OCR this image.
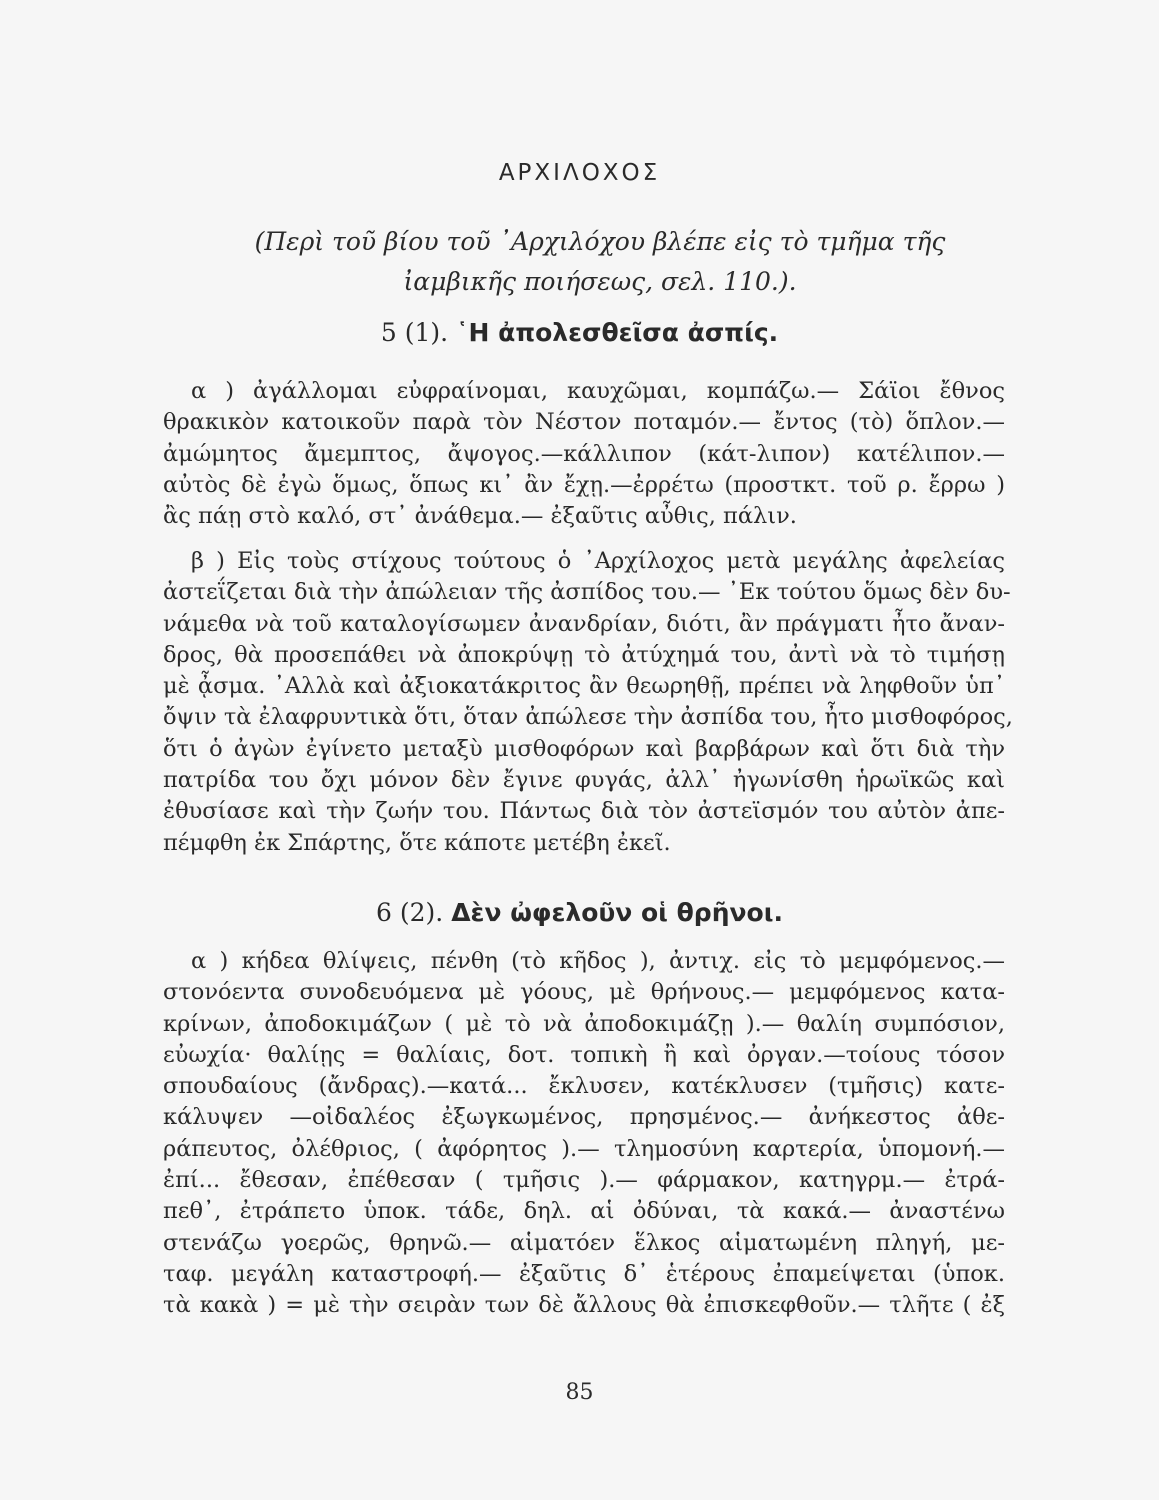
ΑΡΧΙΛΟΧΟΣ
(Περὶ τοῦ βίου τοῦ ᾿Αρχιλόχου βλέπε εἰς τὸ τμῆμα τῆς
ἰαμβικῆς ποιήσεως, σελ. 110.).
5 (1). ῾Η ἀπολεσθεῖσα ἀσπίς.
α ) ἀγάλλομαι εὐφραίνομαι, καυχῶμαι, κομπάζω.— Σάϊοι ἔθνος
θρακικὸν κατοικοῦν παρὰ τὸν Νέστον ποταμόν.— ἔντος (τὸ) ὅπλον.—
ἀμώμητος ἄμεμπτος, ἄψογος.—κάλλιπον (κάτ-λιπον) κατέλιπον.—
αὐτὸς δὲ ἐγὼ ὅμως, ὅπως κι᾿ ἂν ἔχῃ.—ἐρρέτω (προστκτ. τοῦ ρ. ἔρρω )
ἂς πάῃ στὸ καλό, στ᾿ ἀνάθεμα.— ἐξαῦτις αὖθις, πάλιν.
β ) Εἰς τοὺς στίχους τούτους ὁ ᾿Αρχίλοχος μετὰ μεγάλης ἀφελείας
ἀστεΐζεται διὰ τὴν ἀπώλειαν τῆς ἀσπίδος του.— ᾿Εκ τούτου ὅμως δὲν δυ-
νάμεθα νὰ τοῦ καταλογίσωμεν ἀνανδρίαν, διότι, ἂν πράγματι ἦτο ἄναν-
δρος, θὰ προσεπάθει νὰ ἀποκρύψῃ τὸ ἀτύχημά του, ἀντὶ νὰ τὸ τιμήσῃ
μὲ ᾆσμα. ᾿Αλλὰ καὶ ἀξιοκατάκριτος ἂν θεωρηθῇ, πρέπει νὰ ληφθοῦν ὑπ᾿
ὄψιν τὰ ἐλαφρυντικὰ ὅτι, ὅταν ἀπώλεσε τὴν ἀσπίδα του, ἦτο μισθοφόρος,
ὅτι ὁ ἀγὼν ἐγίνετο μεταξὺ μισθοφόρων καὶ βαρβάρων καὶ ὅτι διὰ τὴν
πατρίδα του ὄχι μόνον δὲν ἔγινε φυγάς, ἀλλ᾿ ἠγωνίσθη ἡρωϊκῶς καὶ
ἐθυσίασε καὶ τὴν ζωήν του. Πάντως διὰ τὸν ἀστεϊσμόν του αὐτὸν ἀπε-
πέμφθη ἐκ Σπάρτης, ὅτε κάποτε μετέβη ἐκεῖ.
6 (2). Δὲν ὠφελοῦν οἱ θρῆνοι.
α ) κήδεα θλίψεις, πένθη (τὸ κῆδος ), ἀντιχ. εἰς τὸ μεμφόμενος.—
στονόεντα συνοδευόμενα μὲ γόους, μὲ θρήνους.— μεμφόμενος κατα-
κρίνων, ἀποδοκιμάζων ( μὲ τὸ νὰ ἀποδοκιμάζῃ ).— θαλίη συμπόσιον,
εὐωχία· θαλίῃς = θαλίαις, δοτ. τοπικὴ ἢ καὶ ὀργαν.—τοίους τόσον
σπουδαίους (ἄνδρας).—κατά... ἔκλυσεν, κατέκλυσεν (τμῆσις) κατε-
κάλυψεν —οἰδαλέος ἐξωγκωμένος, πρησμένος.— ἀνήκεστος ἀθε-
ράπευτος, ὀλέθριος, ( ἀφόρητος ).— τλημοσύνη καρτερία, ὑπομονή.—
ἐπί... ἔθεσαν, ἐπέθεσαν ( τμῆσις ).— φάρμακον, κατηγρμ.— ἐτρά-
πεθ᾿, ἐτράπετο ὑποκ. τάδε, δηλ. αἱ ὀδύναι, τὰ κακά.— ἀναστένω
στενάζω γοερῶς, θρηνῶ.— αἱματόεν ἕλκος αἱματωμένη πληγή, με-
ταφ. μεγάλη καταστροφή.— ἐξαῦτις δ᾿ ἑτέρους ἐπαμείψεται (ὑποκ.
τὰ κακὰ ) = μὲ τὴν σειρὰν των δὲ ἄλλους θὰ ἐπισκεφθοῦν.— τλῆτε ( ἐξ
85
